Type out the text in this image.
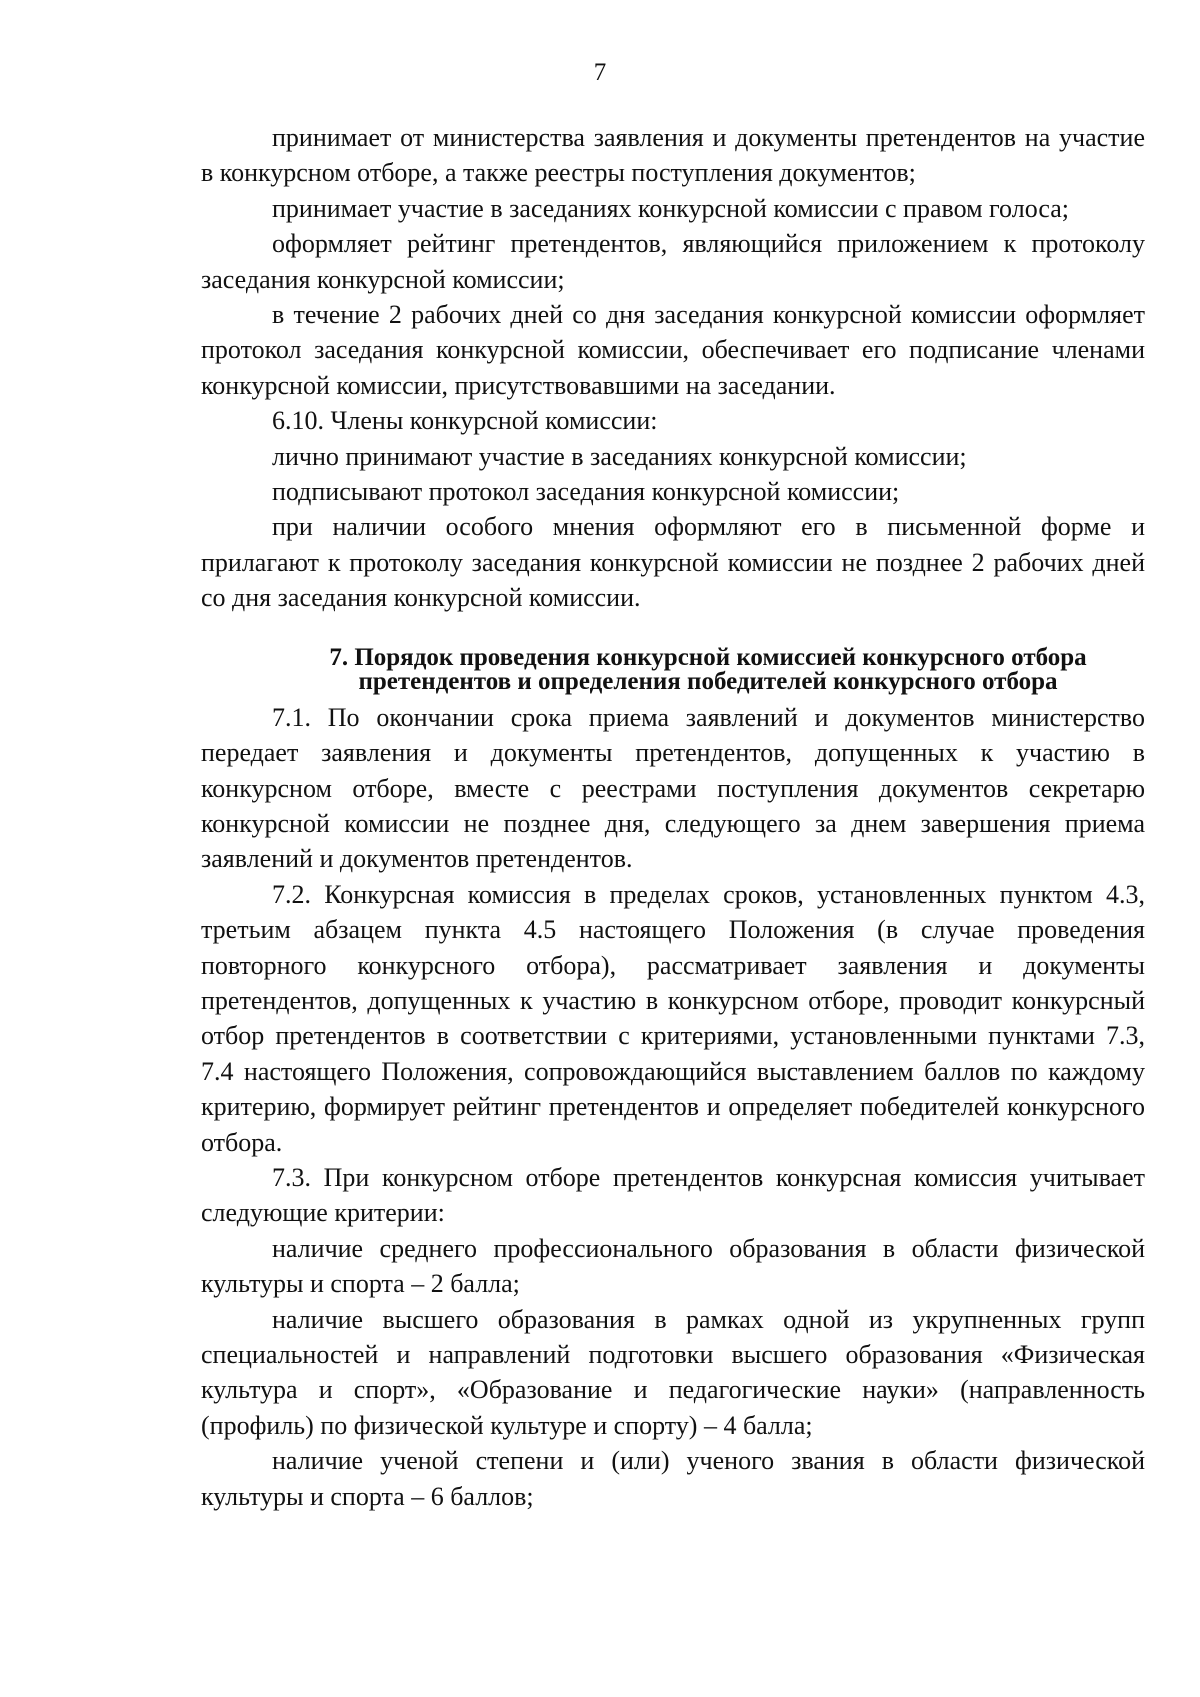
7

принимает от министерства заявления и документы претендентов на участие в конкурсном отборе, а также реестры поступления документов;

принимает участие в заседаниях конкурсной комиссии с правом голоса;

оформляет рейтинг претендентов, являющийся приложением к протоколу заседания конкурсной комиссии;

в течение 2 рабочих дней со дня заседания конкурсной комиссии оформляет протокол заседания конкурсной комиссии, обеспечивает его подписание членами конкурсной комиссии, присутствовавшими на заседании.

6.10. Члены конкурсной комиссии:

лично принимают участие в заседаниях конкурсной комиссии;

подписывают протокол заседания конкурсной комиссии;

при наличии особого мнения оформляют его в письменной форме и прилагают к протоколу заседания конкурсной комиссии не позднее 2 рабочих дней со дня заседания конкурсной комиссии.

7. Порядок проведения конкурсной комиссией конкурсного отбора
претендентов и определения победителей конкурсного отбора

7.1. По окончании срока приема заявлений и документов министерство передает заявления и документы претендентов, допущенных к участию в конкурсном отборе, вместе с реестрами поступления документов секретарю конкурсной комиссии не позднее дня, следующего за днем завершения приема заявлений и документов претендентов.

7.2. Конкурсная комиссия в пределах сроков, установленных пунктом 4.3, третьим абзацем пункта 4.5 настоящего Положения (в случае проведения повторного конкурсного отбора), рассматривает заявления и документы претендентов, допущенных к участию в конкурсном отборе, проводит конкурсный отбор претендентов в соответствии с критериями, установленными пунктами 7.3, 7.4 настоящего Положения, сопровождающийся выставлением баллов по каждому критерию, формирует рейтинг претендентов и определяет победителей конкурсного отбора.

7.3. При конкурсном отборе претендентов конкурсная комиссия учитывает следующие критерии:

наличие среднего профессионального образования в области физической культуры и спорта – 2 балла;

наличие высшего образования в рамках одной из укрупненных групп специальностей и направлений подготовки высшего образования «Физическая культура и спорт», «Образование и педагогические науки» (направленность (профиль) по физической культуре и спорту) – 4 балла;

наличие ученой степени и (или) ученого звания в области физической культуры и спорта – 6 баллов;
